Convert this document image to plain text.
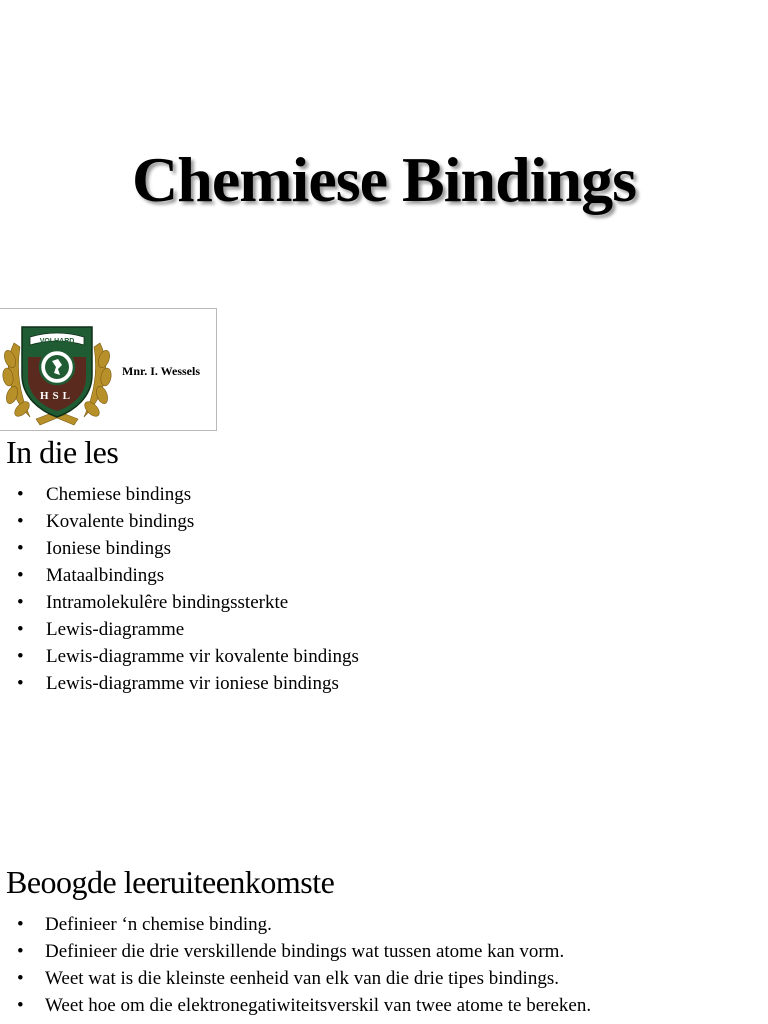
Chemiese Bindings
VOLHARD
HSL
Mnr. I. Wessels
In die les
• Chemiese bindings
• Kovalente bindings
• Ioniese bindings
• Mataalbindings
• Intramolekulêre bindingssterkte
• Lewis-diagramme
• Lewis-diagramme vir kovalente bindings
• Lewis-diagramme vir ioniese bindings
Beoogde leeruiteenkomste
• Definieer ‘n chemise binding.
• Definieer die drie verskillende bindings wat tussen atome kan vorm.
• Weet wat is die kleinste eenheid van elk van die drie tipes bindings.
• Weet hoe om die elektronegatiwiteitsverskil van twee atome te bereken.
